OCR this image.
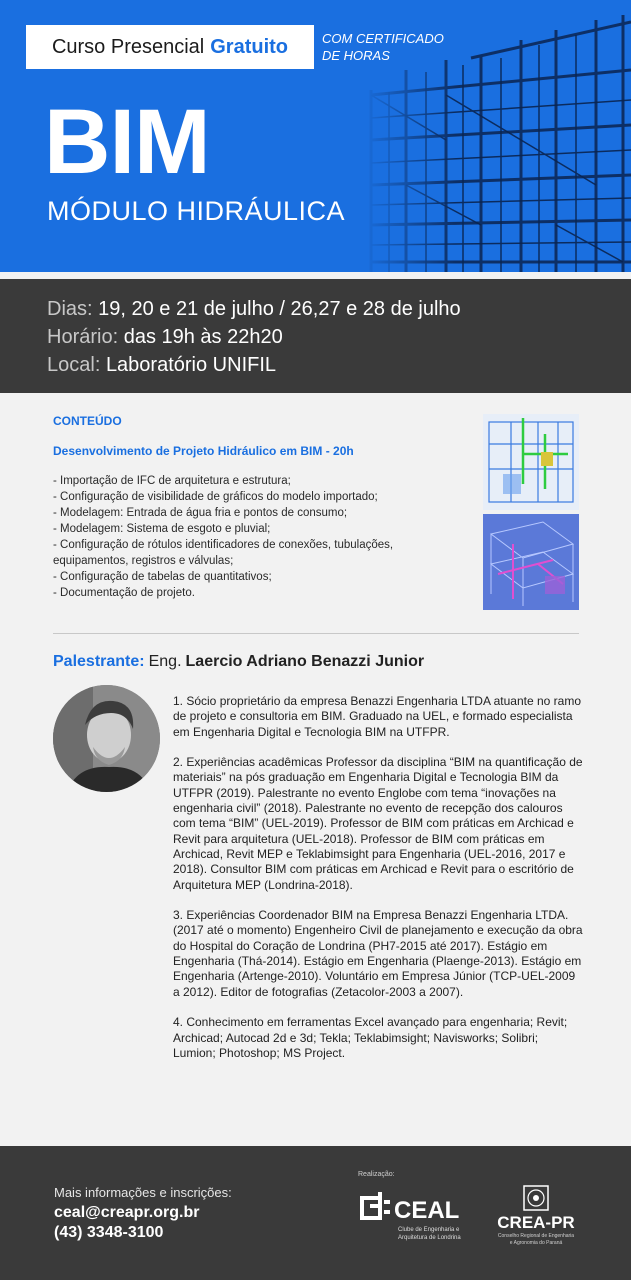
Curso Presencial Gratuito	COM CERTIFICADO
DE HORAS
BIM
MÓDULO HIDRÁULICA
Dias: 19, 20 e 21 de julho / 26,27 e 28 de julho
Horário: das 19h às 22h20
Local: Laboratório UNIFIL
CONTEÚDO
Desenvolvimento de Projeto Hidráulico em BIM - 20h
- Importação de IFC de arquitetura e estrutura;
- Configuração de visibilidade de gráficos do modelo importado;
- Modelagem: Entrada de água fria e pontos de consumo;
- Modelagem: Sistema de esgoto e pluvial;
- Configuração de rótulos identificadores de conexões, tubulações, equipamentos, registros e válvulas;
- Configuração de tabelas de quantitativos;
- Documentação de projeto.
Palestrante: Eng. Laercio Adriano Benazzi Junior

1. Sócio proprietário da empresa Benazzi Engenharia LTDA atuante no ramo de projeto e consultoria em BIM. Graduado na UEL, e formado especialista em Engenharia Digital e Tecnologia BIM na UTFPR.

2. Experiências acadêmicas Professor da disciplina “BIM na quantificação de materiais” na pós graduação em Engenharia Digital e Tecnologia BIM da UTFPR (2019). Palestrante no evento Englobe com tema “inovações na engenharia civil” (2018). Palestrante no evento de recepção dos calouros com tema “BIM” (UEL-2019). Professor de BIM com práticas em Archicad e Revit para arquitetura (UEL-2018). Professor de BIM com práticas em Archicad, Revit MEP e Teklabimsight para Engenharia (UEL-2016, 2017 e 2018). Consultor BIM com práticas em Archicad e Revit para o escritório de Arquitetura MEP (Londrina-2018).

3. Experiências Coordenador BIM na Empresa Benazzi Engenharia LTDA. (2017 até o momento) Engenheiro Civil de planejamento e execução da obra do Hospital do Coração de Londrina (PH7-2015 até 2017). Estágio em Engenharia (Thá-2014). Estágio em Engenharia (Plaenge-2013). Estágio em Engenharia (Artenge-2010). Voluntário em Empresa Júnior (TCP-UEL-2009 a 2012). Editor de fotografias (Zetacolor-2003 a 2007).

4. Conhecimento em ferramentas Excel avançado para engenharia; Revit; Archicad; Autocad 2d e 3d; Tekla; Teklabimsight; Navisworks; Solibri; Lumion; Photoshop; MS Project.

Mais informações e inscrições:
ceal@creapr.org.br
(43) 3348-3100
Realização:
CEAL
Clube de Engenharia e
Arquitetura de Londrina
CREA-PR
Conselho Regional de Engenharia
e Agronomia do Paraná
